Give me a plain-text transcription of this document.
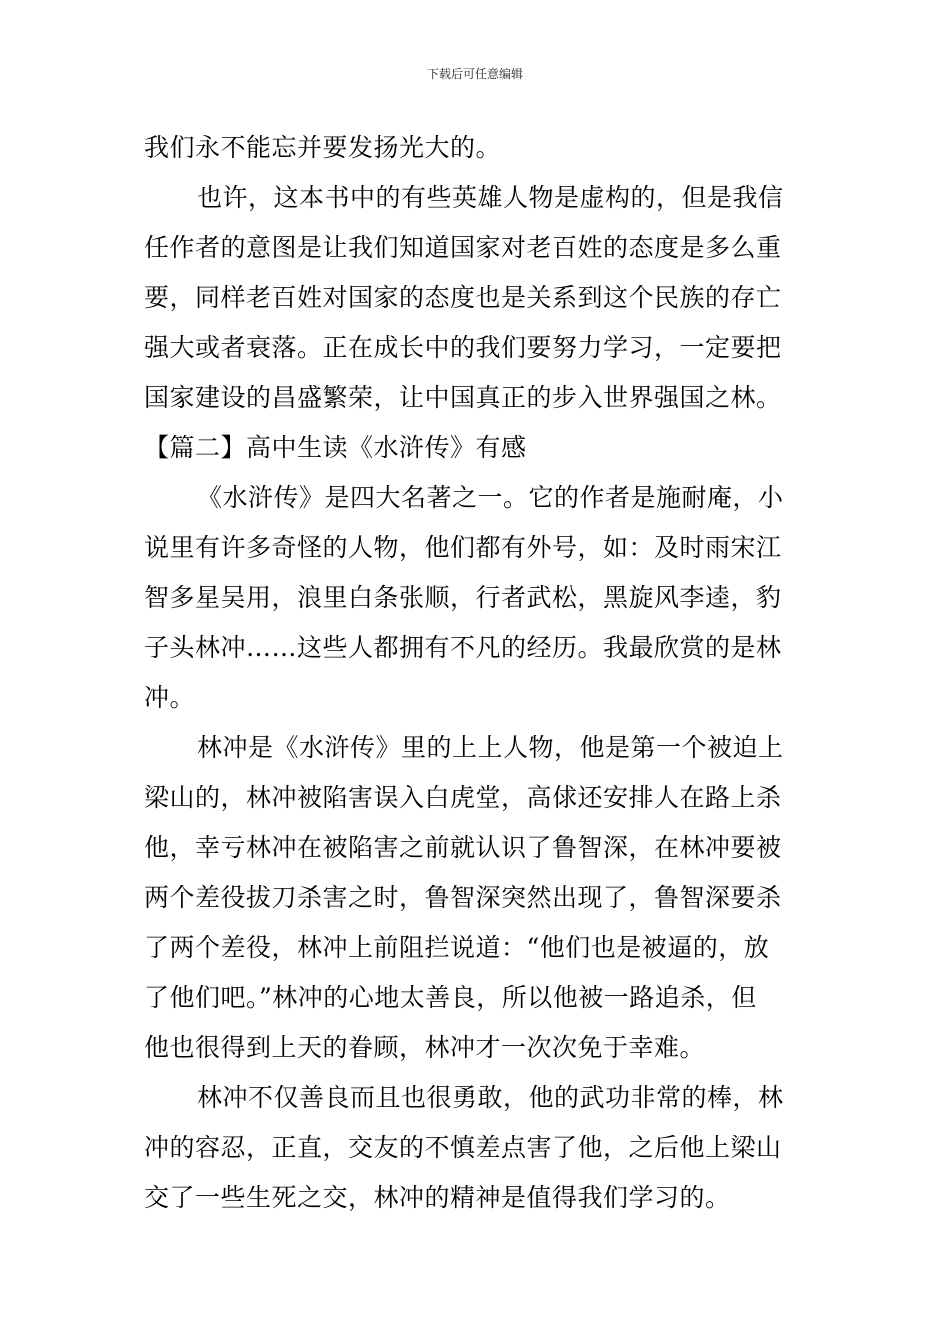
下载后可任意编辑
我们永不能忘并要发扬光大的。
也许，这本书中的有些英雄人物是虚构的，但是我信
任作者的意图是让我们知道国家对老百姓的态度是多么重
要，同样老百姓对国家的态度也是关系到这个民族的存亡
强大或者衰落。正在成长中的我们要努力学习，一定要把
国家建设的昌盛繁荣，让中国真正的步入世界强国之林。
【篇二】高中生读《水浒传》有感
《水浒传》是四大名著之一。它的作者是施耐庵，小
说里有许多奇怪的人物，他们都有外号，如：及时雨宋江
智多星吴用，浪里白条张顺，行者武松，黑旋风李逵，豹
子头林冲……这些人都拥有不凡的经历。我最欣赏的是林
冲。
林冲是《水浒传》里的上上人物，他是第一个被迫上
梁山的，林冲被陷害误入白虎堂，高俅还安排人在路上杀
他，幸亏林冲在被陷害之前就认识了鲁智深，在林冲要被
两个差役拔刀杀害之时，鲁智深突然出现了，鲁智深要杀
了两个差役，林冲上前阻拦说道：“他们也是被逼的，放
了他们吧。”林冲的心地太善良，所以他被一路追杀，但
他也很得到上天的眷顾，林冲才一次次免于幸难。
林冲不仅善良而且也很勇敢，他的武功非常的棒，林
冲的容忍，正直，交友的不慎差点害了他，之后他上梁山
交了一些生死之交，林冲的精神是值得我们学习的。
